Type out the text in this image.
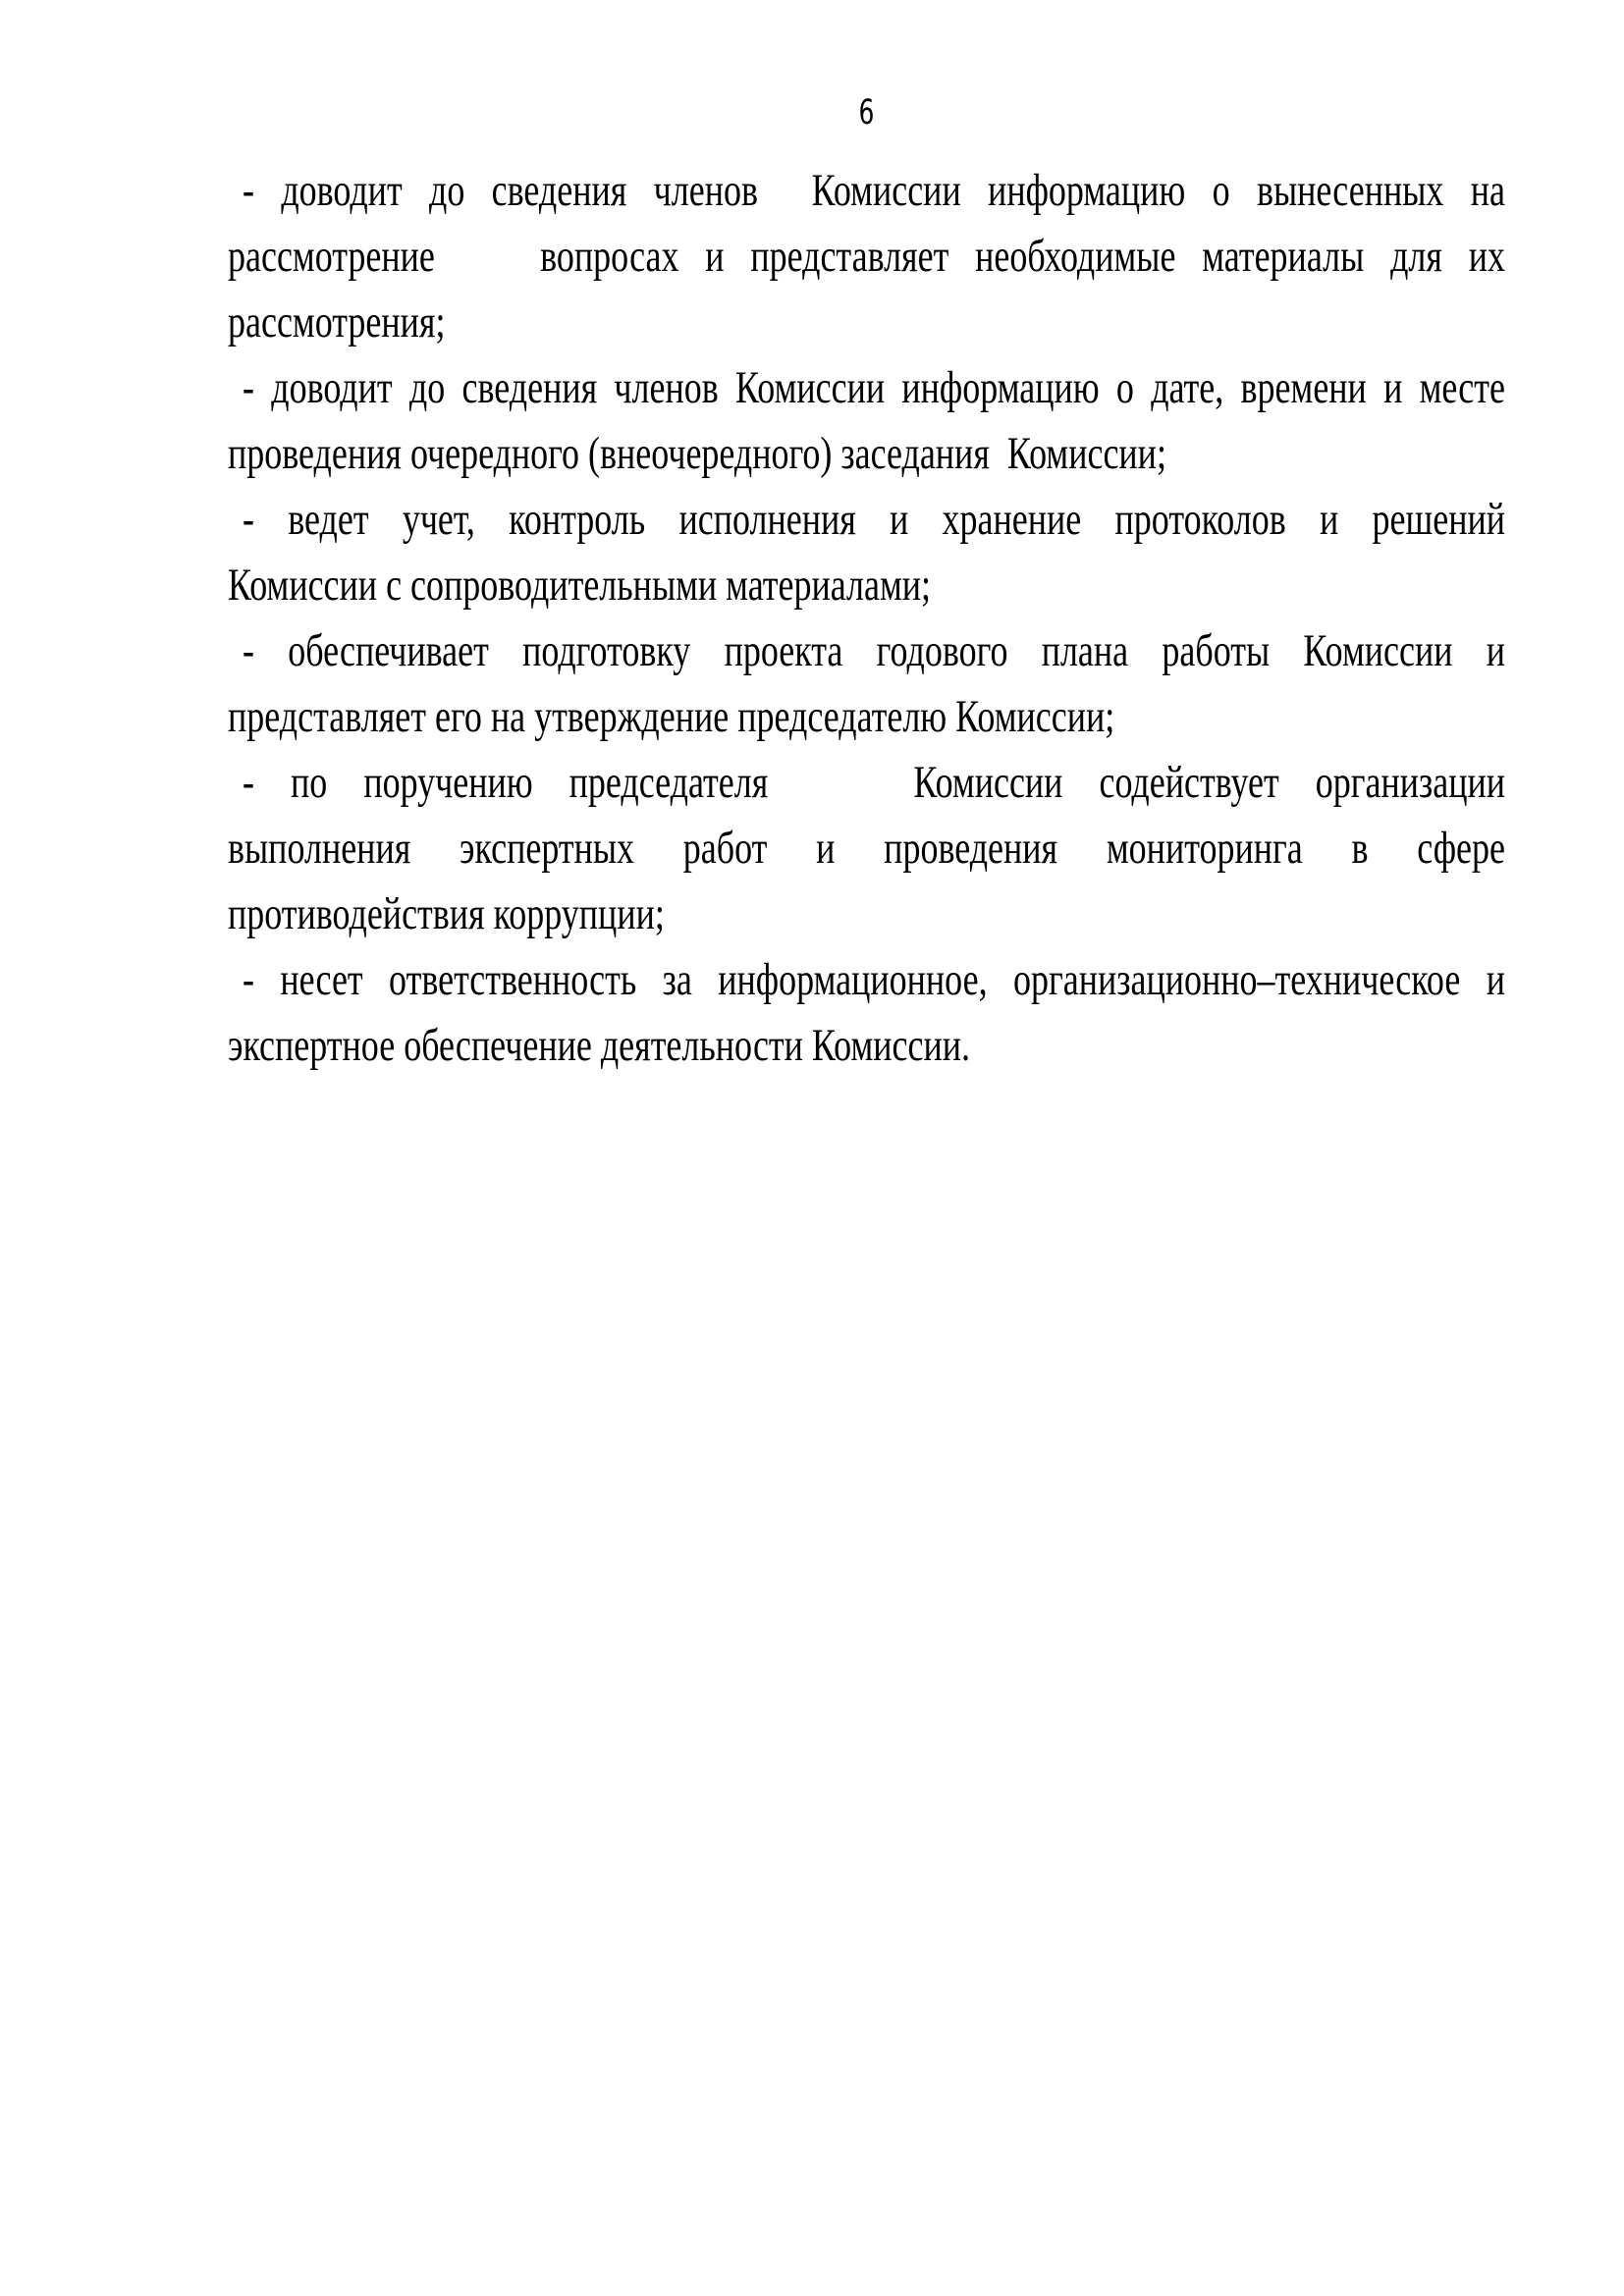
6
- доводит до сведения членов  Комиссии информацию о вынесенных на
рассмотрение    вопросах и представляет необходимые материалы для их
рассмотрения;
- доводит до сведения членов Комиссии информацию о дате, времени и месте
проведения очередного (внеочередного) заседания  Комиссии;
- ведет учет, контроль исполнения и хранение протоколов и решений
Комиссии с сопроводительными материалами;
- обеспечивает подготовку проекта годового плана работы Комиссии и
представляет его на утверждение председателю Комиссии;
- по поручению председателя    Комиссии содействует организации
выполнения экспертных работ и проведения мониторинга в сфере
противодействия коррупции;
- несет ответственность за информационное, организационно–техническое и
экспертное обеспечение деятельности Комиссии.
